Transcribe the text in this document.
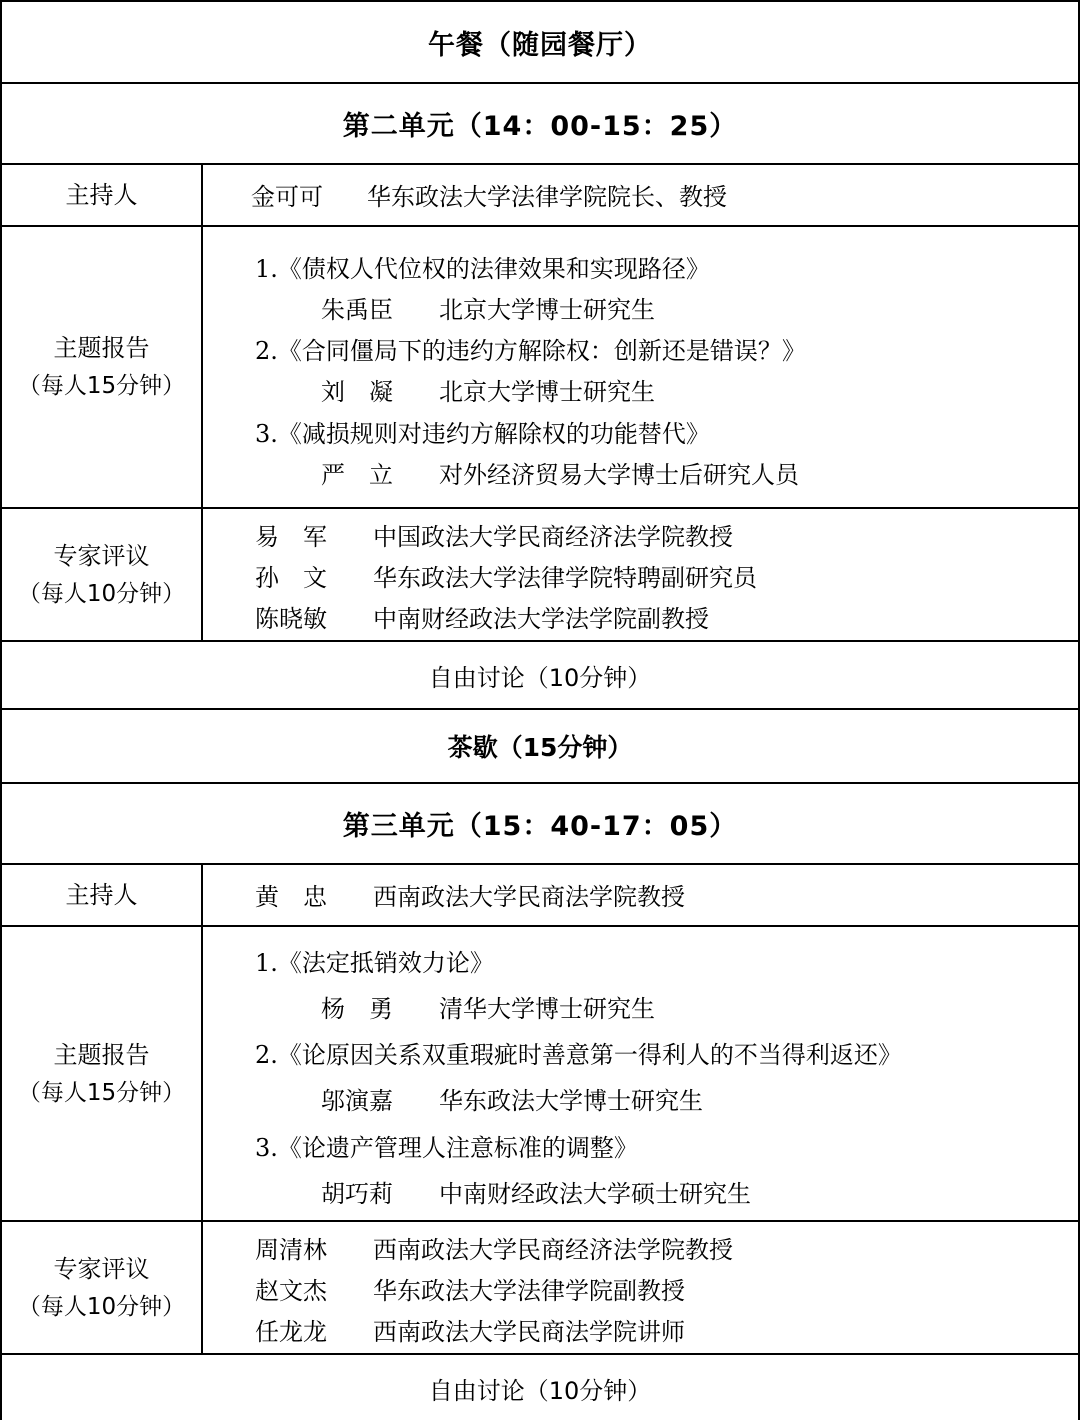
午餐（随园餐厅）
第二单元（14：00-15：25）
主持人	金可可 华东政法大学法律学院院长、教授
主题报告
（每人15分钟）
1.《债权人代位权的法律效果和实现路径》
朱禹臣 北京大学博士研究生
2.《合同僵局下的违约方解除权：创新还是错误？》
刘　凝 北京大学博士研究生
3.《减损规则对违约方解除权的功能替代》
严　立 对外经济贸易大学博士后研究人员
专家评议
（每人10分钟）
易　军 中国政法大学民商经济法学院教授
孙　文 华东政法大学法律学院特聘副研究员
陈晓敏 中南财经政法大学法学院副教授
自由讨论（10分钟）
茶歇（15分钟）
第三单元（15：40-17：05）
主持人	黄　忠 西南政法大学民商法学院教授
主题报告
（每人15分钟）
1.《法定抵销效力论》
杨　勇 清华大学博士研究生
2.《论原因关系双重瑕疵时善意第一得利人的不当得利返还》
邬演嘉 华东政法大学博士研究生
3.《论遗产管理人注意标准的调整》
胡巧莉 中南财经政法大学硕士研究生
专家评议
（每人10分钟）
周清林 西南政法大学民商经济法学院教授
赵文杰 华东政法大学法律学院副教授
任龙龙 西南政法大学民商法学院讲师
自由讨论（10分钟）
